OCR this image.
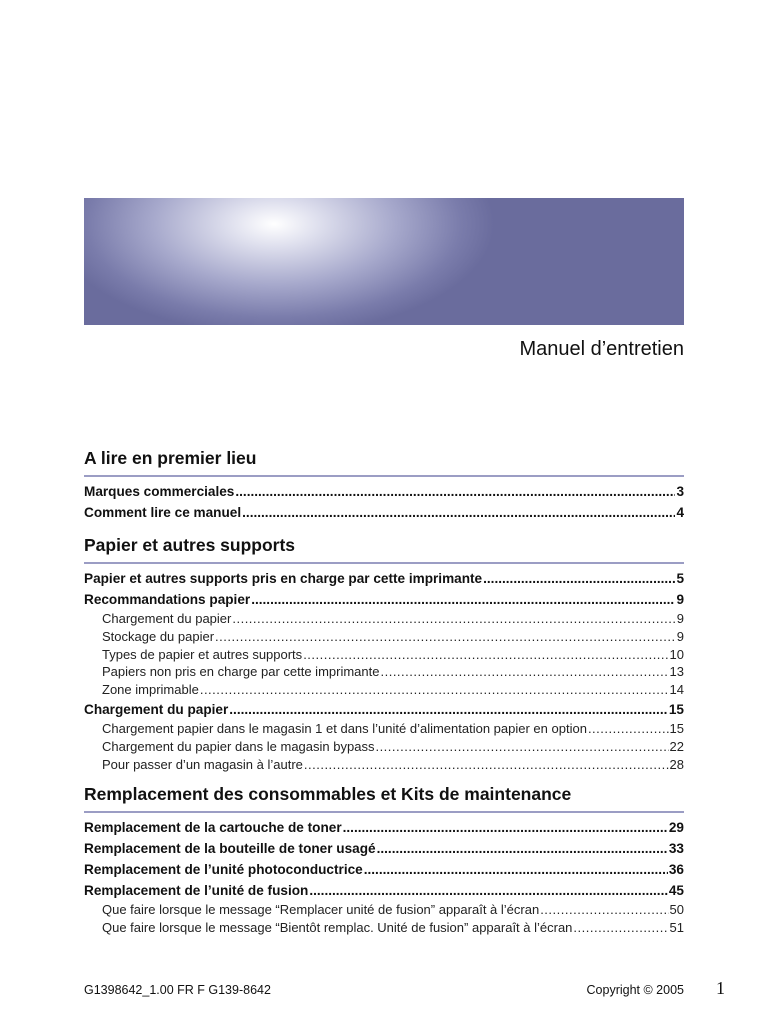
Manuel d’entretien
A lire en premier lieu
Marques commerciales .....	3
Comment lire ce manuel .....	4
Papier et autres supports
Papier et autres supports pris en charge par cette imprimante .....	5
Recommandations papier .....	9
Chargement du papier .....	9
Stockage du papier .....	9
Types de papier et autres supports .....	10
Papiers non pris en charge par cette imprimante .....	13
Zone imprimable .....	14
Chargement du papier .....	15
Chargement papier dans le magasin 1 et dans l’unité d’alimentation papier en option .....	15
Chargement du papier dans le magasin bypass .....	22
Pour passer d’un magasin à l’autre .....	28
Remplacement des consommables et Kits de maintenance
Remplacement de la cartouche de toner .....	29
Remplacement de la bouteille de toner usagé .....	33
Remplacement de l’unité photoconductrice .....	36
Remplacement de l’unité de fusion .....	45
Que faire lorsque le message “Remplacer unité de fusion” apparaît à l’écran .....	50
Que faire lorsque le message “Bientôt remplac. Unité de fusion” apparaît à l’écran .....	51
G1398642_1.00 FR F G139-8642	Copyright © 2005 1
